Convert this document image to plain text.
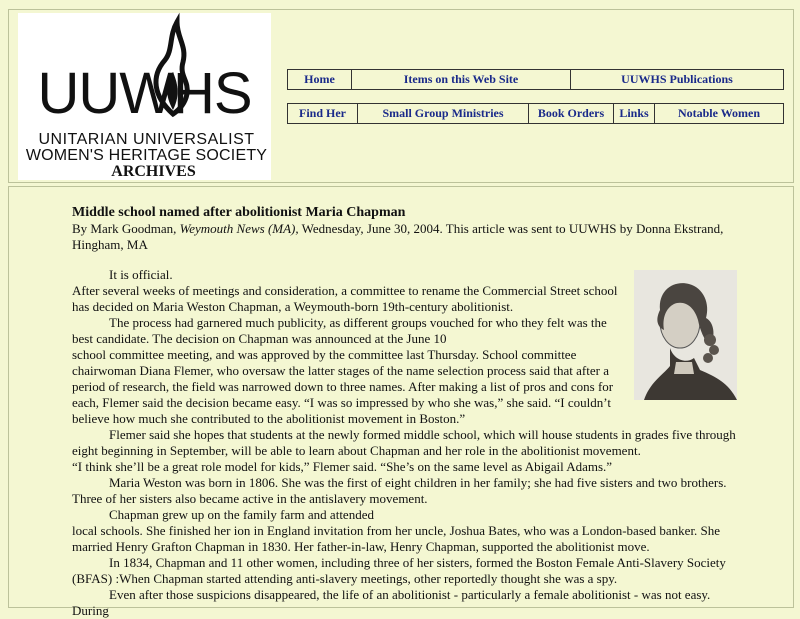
UUWHS
UNITARIAN UNIVERSALIST
WOMEN'S HERITAGE SOCIETY
ARCHIVES
Home	Items on this Web Site	UUWHS Publications
Find Her	Small Group Ministries	Book Orders	Links	Notable Women

Middle school named after abolitionist Maria Chapman

By Mark Goodman, Weymouth News (MA), Wednesday, June 30, 2004. This article was sent to UUWHS by Donna Ekstrand, Hingham, MA

It is official.

After several weeks of meetings and consideration, a committee to rename the Commercial Street school has decided on Maria Weston Chapman, a Weymouth-born 19th-century abolitionist.

The process had garnered much publicity, as different groups vouched for who they felt was the best candidate. The decision on Chapman was announced at the June 10

school committee meeting, and was approved by the committee last Thursday. School committee chairwoman Diana Flemer, who oversaw the latter stages of the name selection process said that after a period of research, the field was narrowed down to three names. After making a list of pros and cons for each, Flemer said the decision became easy. “I was so impressed by who she was,” she said. “I couldn’t believe how much she contributed to the abolitionist movement in Boston.”

Flemer said she hopes that students at the newly formed middle school, which will house students in grades five through eight beginning in September, will be able to learn about Chapman and her role in the abolitionist movement.

“I think she’ll be a great role model for kids,” Flemer said. “She’s on the same level as Abigail Adams.”

Maria Weston was born in 1806. She was the first of eight children in her family; she had five sisters and two brothers. Three of her sisters also became active in the antislavery movement.

Chapman grew up on the family farm and attended

local schools. She finished her ion in England invitation from her uncle, Joshua Bates, who was a London-based banker. She married Henry Grafton Chapman in 1830. Her father-in-law, Henry Chapman, supported the abolitionist move.

In 1834, Chapman and 11 other women, including three of her sisters, formed the Boston Female Anti-Slavery Society (BFAS) :When Chapman started attending anti-slavery meetings, other reportedly thought she was a spy.

Even after those suspicions disappeared, the life of an abolitionist - particularly a female abolitionist - was not easy. During
